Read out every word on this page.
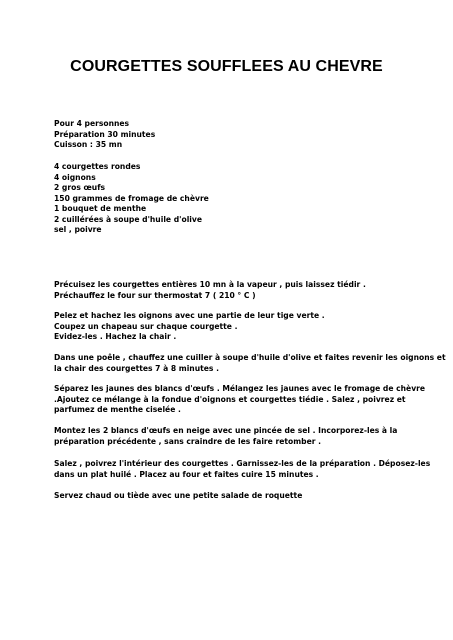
COURGETTES SOUFFLEES AU CHEVRE
Pour 4 personnes
Préparation 30 minutes
Cuisson : 35 mn
4 courgettes rondes
4 oignons
2 gros œufs
150 grammes de fromage de chèvre
1 bouquet de menthe
2 cuillérées à soupe d'huile d'olive
sel , poivre
Précuisez les courgettes entières 10 mn à la vapeur , puis laissez tiédir .
Préchauffez le four sur thermostat 7 ( 210 ° C )
Pelez et hachez les oignons avec une partie de leur tige verte .
Coupez un chapeau sur chaque courgette .
Evidez-les . Hachez la chair .
Dans une poêle , chauffez une cuiller à soupe d'huile d'olive et faites revenir les oignons et
la chair des courgettes 7 à 8 minutes .
Séparez les jaunes des blancs d'œufs . Mélangez les jaunes avec le fromage de chèvre
.Ajoutez ce mélange à la fondue d'oignons et courgettes tiédie . Salez , poivrez et
parfumez de menthe ciselée .
Montez les 2 blancs d'œufs en neige avec une pincée de sel . Incorporez-les à la
préparation précédente , sans craindre de les faire retomber .
Salez , poivrez l'intérieur des courgettes . Garnissez-les de la préparation . Déposez-les
dans un plat huilé . Placez au four et faites cuire 15 minutes .
Servez chaud ou tiède avec une petite salade de roquette
